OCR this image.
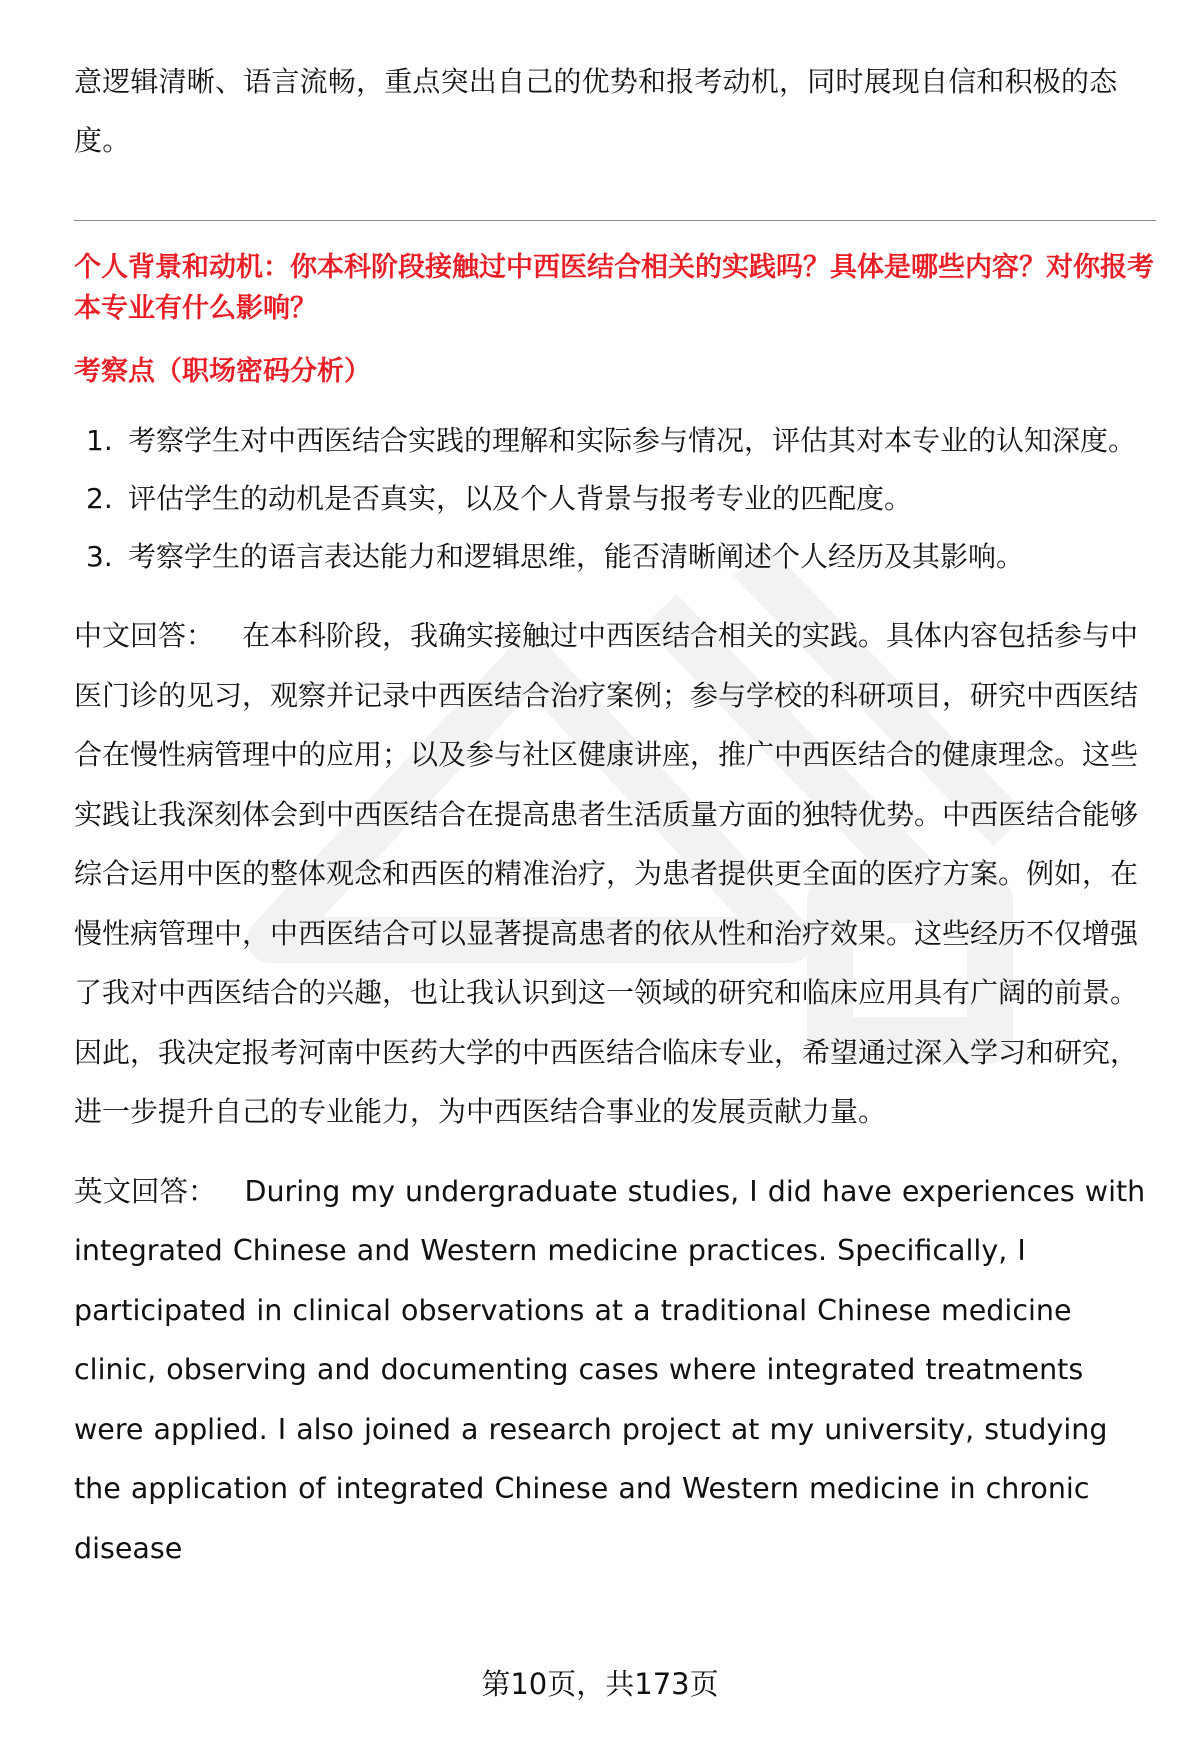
意逻辑清晰、语言流畅，重点突出自己的优势和报考动机，同时展现自信和积极的态度。

个人背景和动机：你本科阶段接触过中西医结合相关的实践吗？具体是哪些内容？对你报考本专业有什么影响？

考察点（职场密码分析）

1. 考察学生对中西医结合实践的理解和实际参与情况，评估其对本专业的认知深度。
2. 评估学生的动机是否真实，以及个人背景与报考专业的匹配度。
3. 考察学生的语言表达能力和逻辑思维，能否清晰阐述个人经历及其影响。

中文回答： 在本科阶段，我确实接触过中西医结合相关的实践。具体内容包括参与中医门诊的见习，观察并记录中西医结合治疗案例；参与学校的科研项目，研究中西医结合在慢性病管理中的应用；以及参与社区健康讲座，推广中西医结合的健康理念。这些实践让我深刻体会到中西医结合在提高患者生活质量方面的独特优势。中西医结合能够综合运用中医的整体观念和西医的精准治疗，为患者提供更全面的医疗方案。例如，在慢性病管理中，中西医结合可以显著提高患者的依从性和治疗效果。这些经历不仅增强了我对中西医结合的兴趣，也让我认识到这一领域的研究和临床应用具有广阔的前景。因此，我决定报考河南中医药大学的中西医结合临床专业，希望通过深入学习和研究，进一步提升自己的专业能力，为中西医结合事业的发展贡献力量。

英文回答： During my undergraduate studies, I did have experiences with integrated Chinese and Western medicine practices. Specifically, I participated in clinical observations at a traditional Chinese medicine clinic, observing and documenting cases where integrated treatments were applied. I also joined a research project at my university, studying the application of integrated Chinese and Western medicine in chronic disease

第10页，共173页
